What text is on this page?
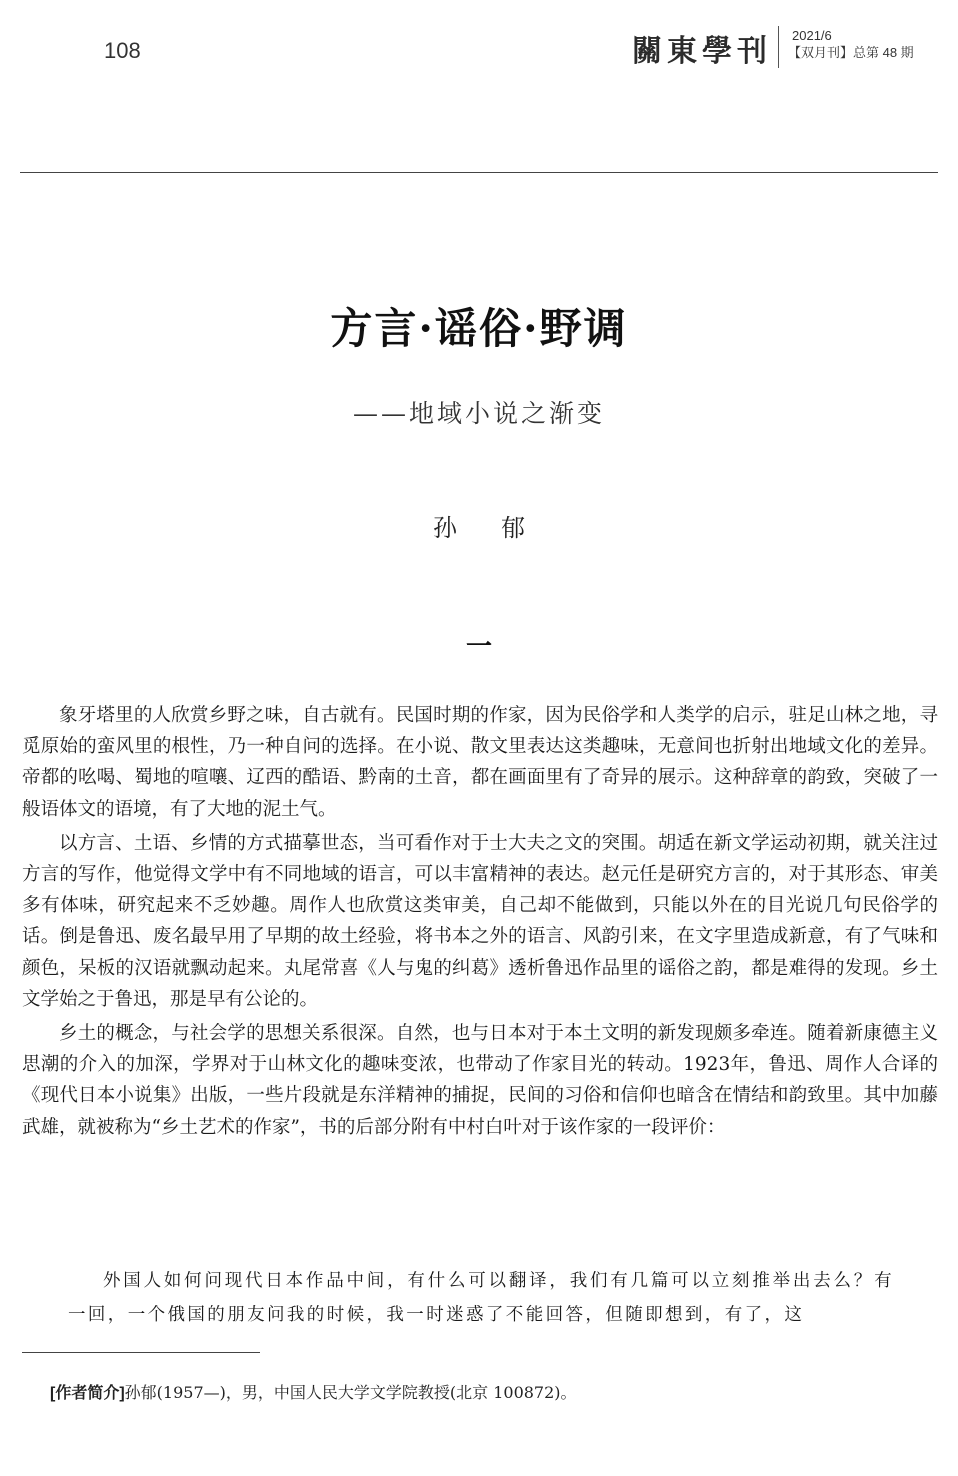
108	關東學刊 2021/6
【双月刊】总第 48 期
方言·谣俗·野调
——地域小说之渐变
孙郁
一

象牙塔里的人欣赏乡野之味，自古就有。民国时期的作家，因为民俗学和人类学的启示，驻足山林之地，寻觅原始的蛮风里的根性，乃一种自问的选择。在小说、散文里表达这类趣味，无意间也折射出地域文化的差异。帝都的吆喝、蜀地的喧嚷、辽西的酷语、黔南的土音，都在画面里有了奇异的展示。这种辞章的韵致，突破了一般语体文的语境，有了大地的泥土气。

以方言、土语、乡情的方式描摹世态，当可看作对于士大夫之文的突围。胡适在新文学运动初期，就关注过方言的写作，他觉得文学中有不同地域的语言，可以丰富精神的表达。赵元任是研究方言的，对于其形态、审美多有体味，研究起来不乏妙趣。周作人也欣赏这类审美，自己却不能做到，只能以外在的目光说几句民俗学的话。倒是鲁迅、废名最早用了早期的故土经验，将书本之外的语言、风韵引来，在文字里造成新意，有了气味和颜色，呆板的汉语就飘动起来。丸尾常喜《人与鬼的纠葛》透析鲁迅作品里的谣俗之韵，都是难得的发现。乡土文学始之于鲁迅，那是早有公论的。

乡土的概念，与社会学的思想关系很深。自然，也与日本对于本土文明的新发现颇多牵连。随着新康德主义思潮的介入的加深，学界对于山林文化的趣味变浓，也带动了作家目光的转动。1923年，鲁迅、周作人合译的《现代日本小说集》出版，一些片段就是东洋精神的捕捉，民间的习俗和信仰也暗含在情结和韵致里。其中加藤武雄，就被称为“乡土艺术的作家”，书的后部分附有中村白叶对于该作家的一段评价：

外国人如何问现代日本作品中间，有什么可以翻译，我们有几篇可以立刻推举出去么？有一回，一个俄国的朋友问我的时候，我一时迷惑了不能回答，但随即想到，有了，这
[作者简介]孙郁(1957—)，男，中国人民大学文学院教授(北京 100872)。
